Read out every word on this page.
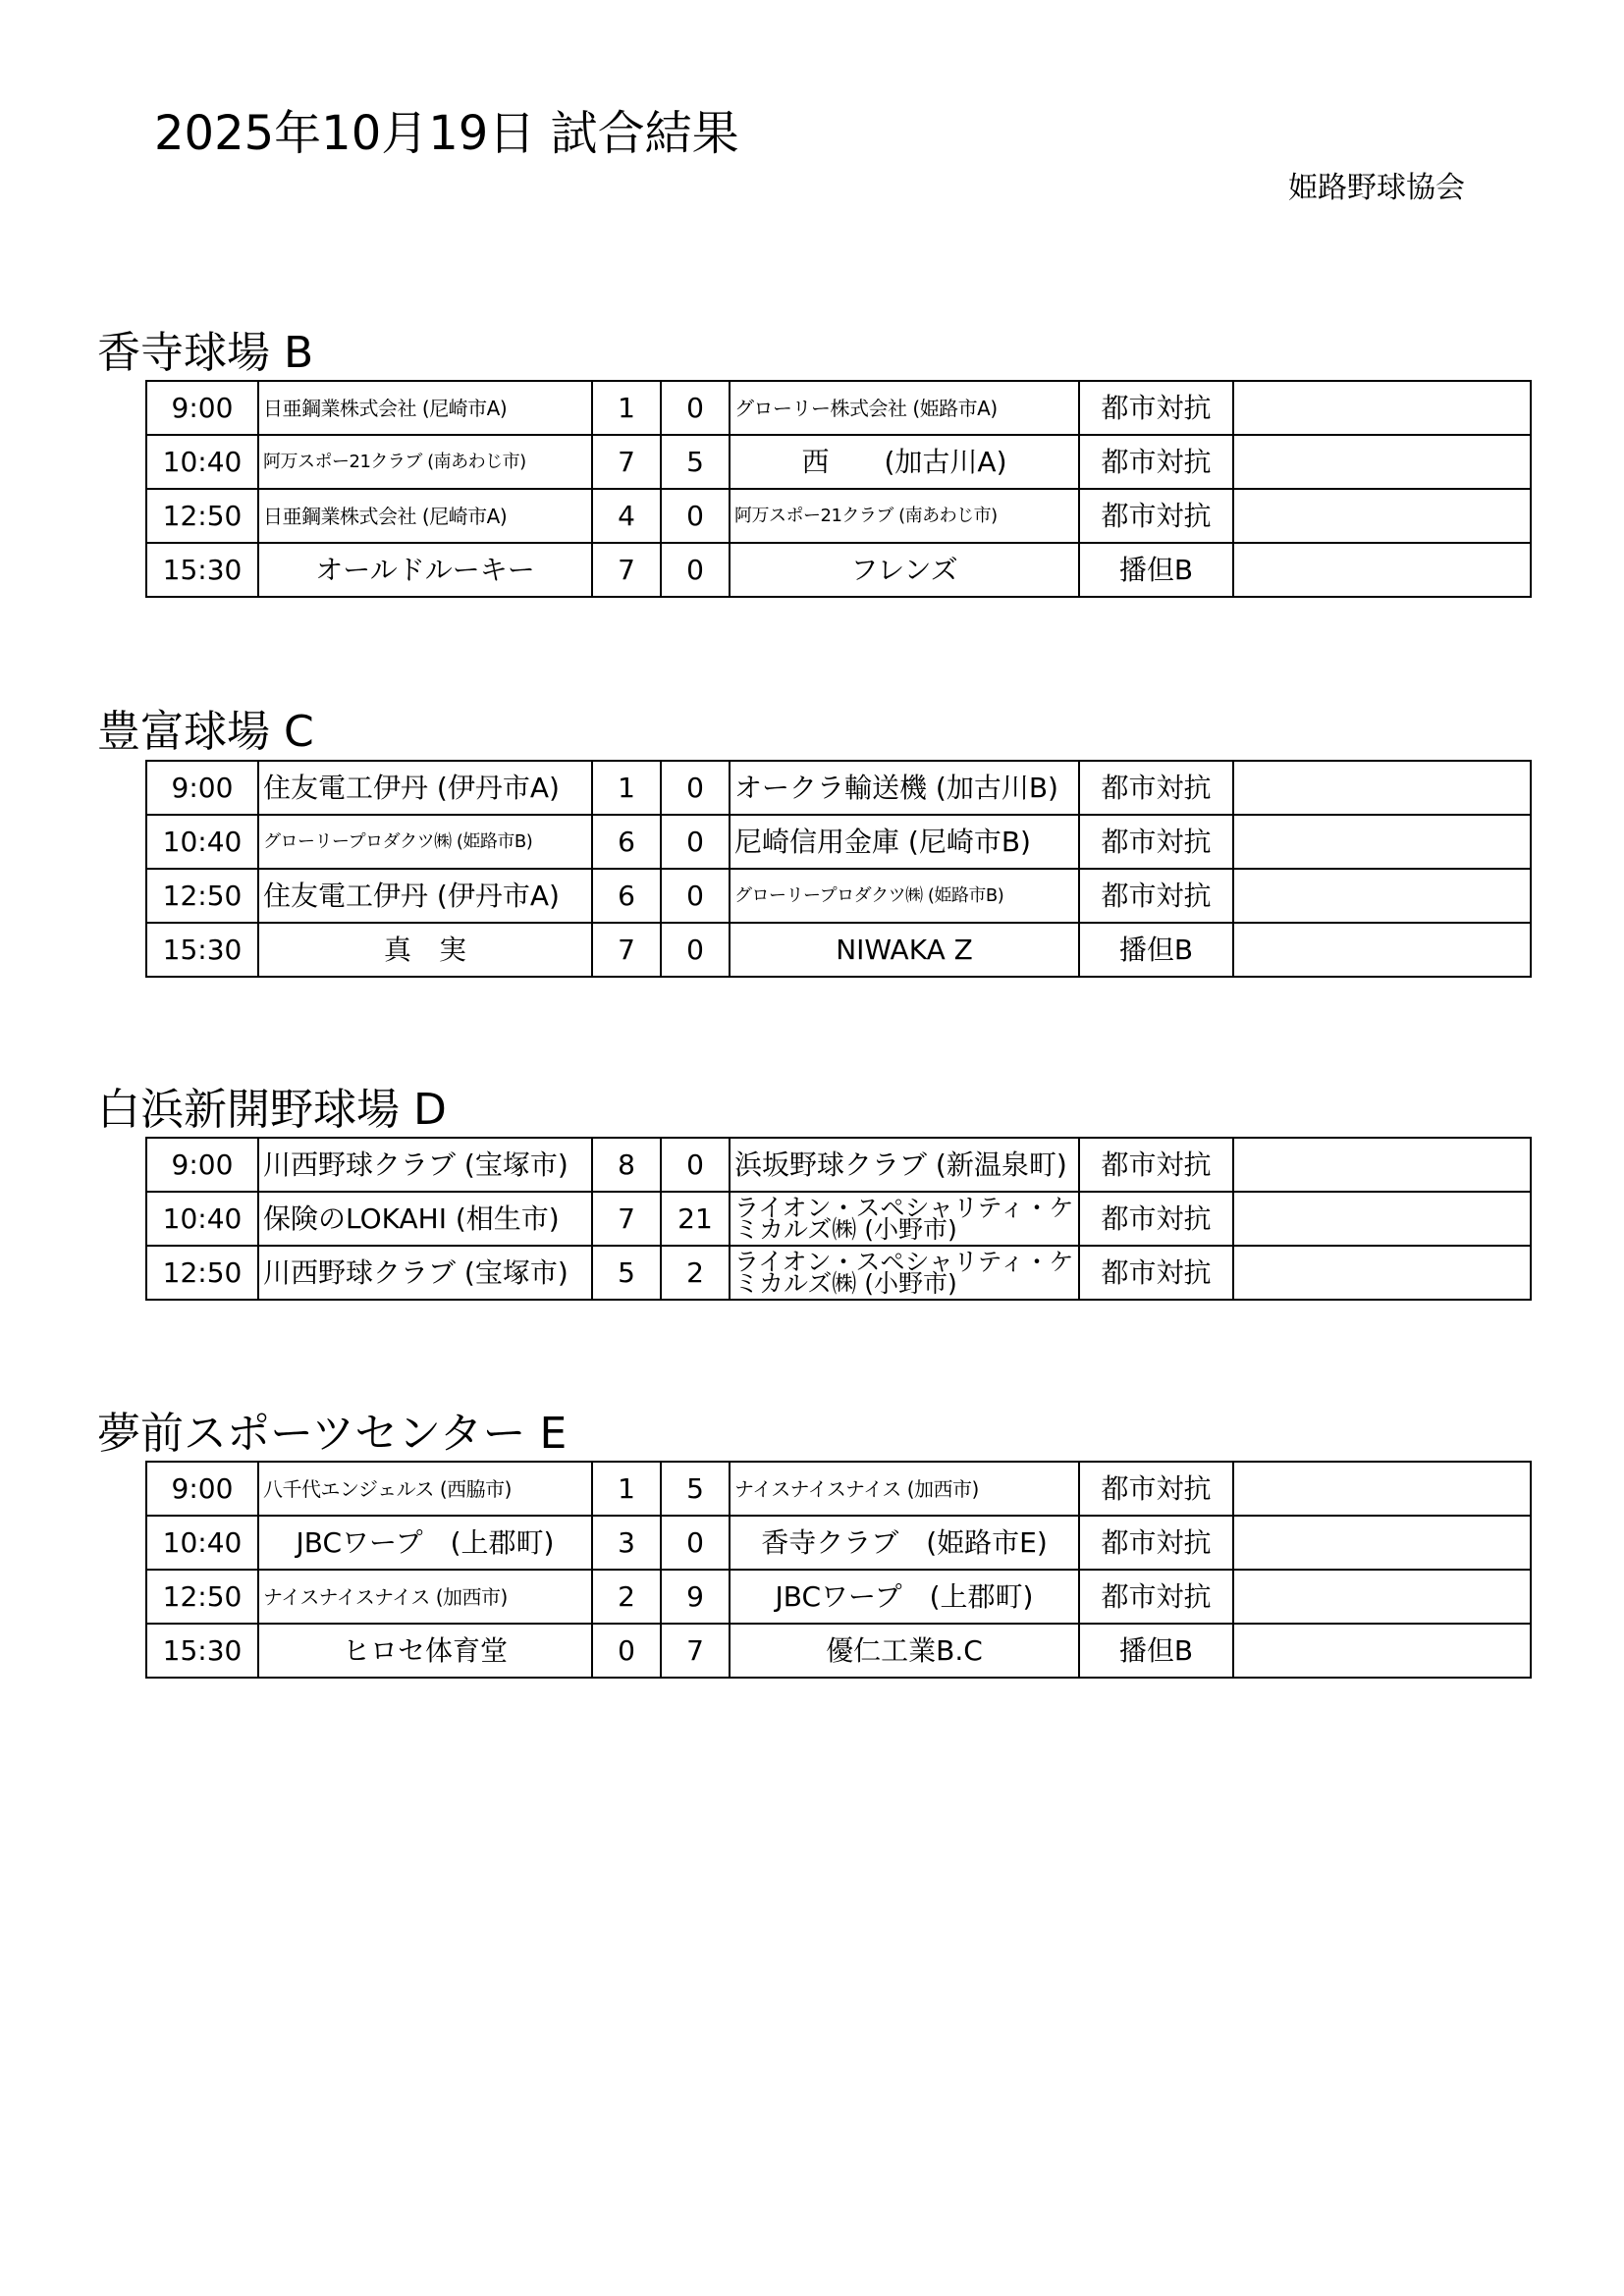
2025年10月19日 試合結果
姫路野球協会
香寺球場 B
9:00	日亜鋼業株式会社 (尼崎市A)	1	0	グローリー株式会社 (姫路市A)	都市対抗	
10:40	阿万スポー21クラブ (南あわじ市)	7	5	西　　(加古川A)	都市対抗	
12:50	日亜鋼業株式会社 (尼崎市A)	4	0	阿万スポー21クラブ (南あわじ市)	都市対抗	
15:30	オールドルーキー	7	0	フレンズ	播但B	
豊富球場 C
9:00	住友電工伊丹 (伊丹市A)	1	0	オークラ輸送機 (加古川B)	都市対抗	
10:40	グローリープロダクツ㈱ (姫路市B)	6	0	尼崎信用金庫 (尼崎市B)	都市対抗	
12:50	住友電工伊丹 (伊丹市A)	6	0	グローリープロダクツ㈱ (姫路市B)	都市対抗	
15:30	真　実	7	0	NIWAKA Z	播但B	
白浜新開野球場 D
9:00	川西野球クラブ (宝塚市)	8	0	浜坂野球クラブ (新温泉町)	都市対抗	
10:40	保険のLOKAHI (相生市)	7	21	ライオン・スペシャリティ・ケミカルズ㈱ (小野市)	都市対抗	
12:50	川西野球クラブ (宝塚市)	5	2	ライオン・スペシャリティ・ケミカルズ㈱ (小野市)	都市対抗	
夢前スポーツセンター E
9:00	八千代エンジェルス (西脇市)	1	5	ナイスナイスナイス (加西市)	都市対抗	
10:40	JBCワープ　(上郡町)	3	0	香寺クラブ　(姫路市E)	都市対抗	
12:50	ナイスナイスナイス (加西市)	2	9	JBCワープ　(上郡町)	都市対抗	
15:30	ヒロセ体育堂	0	7	優仁工業B.C	播但B	
